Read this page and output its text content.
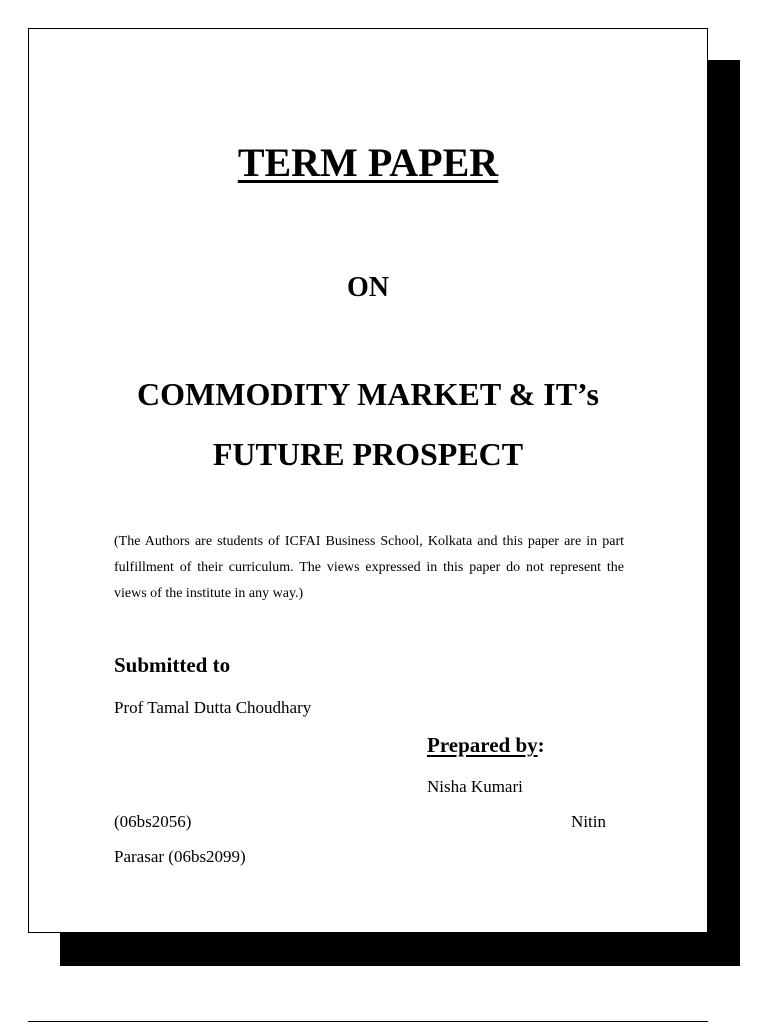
TERM PAPER
ON
COMMODITY MARKET & IT’s
FUTURE PROSPECT

(The Authors are students of ICFAI Business School, Kolkata and this paper are in part fulfillment of their curriculum. The views expressed in this paper do not represent the views of the institute in any way.)

Submitted to
Prof Tamal Dutta Choudhary
Prepared by:
Nisha Kumari
(06bs2056)	Nitin
Parasar (06bs2099)
